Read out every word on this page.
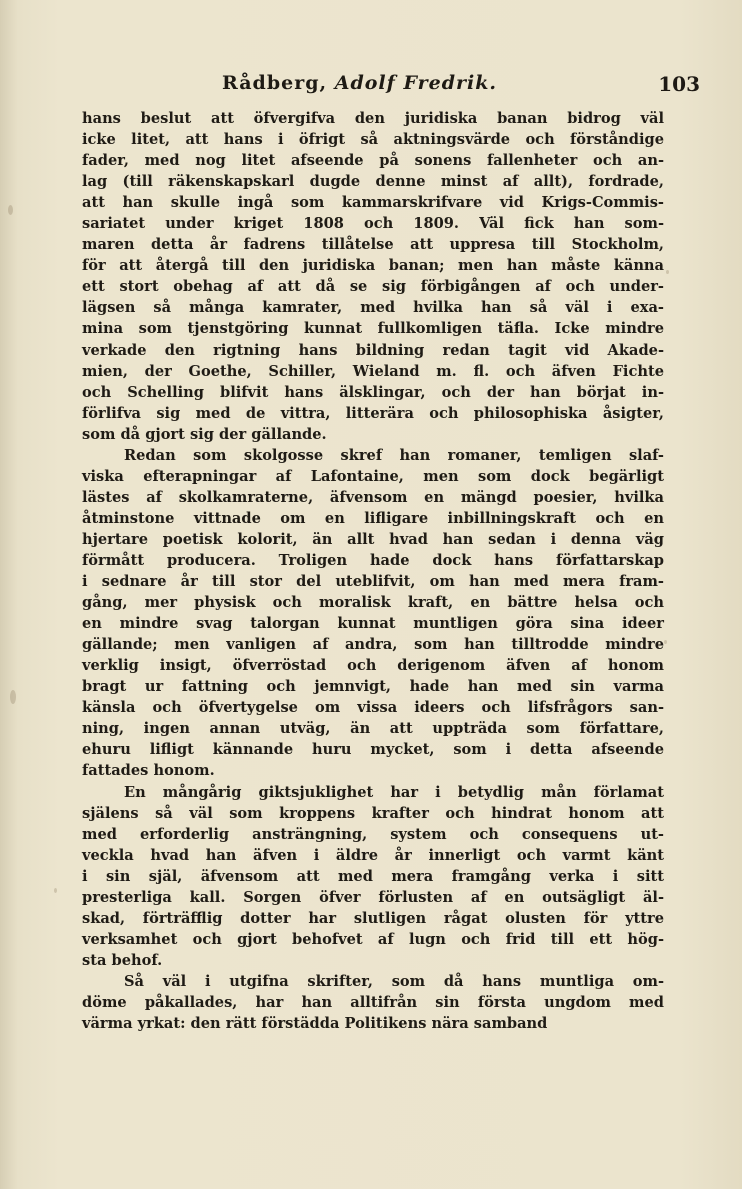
Rådberg, Adolf Fredrik.	103
hans beslut att öfvergifva den juridiska banan bidrog väl
icke litet, att hans i öfrigt så aktningsvärde och förståndige
fader, med nog litet afseende på sonens fallenheter och an-
lag (till räkenskapskarl dugde denne minst af allt), fordrade,
att han skulle ingå som kammarskrifvare vid Krigs-Commis-
sariatet under kriget 1808 och 1809. Väl fick han som-
maren detta år fadrens tillåtelse att uppresa till Stockholm,
för att återgå till den juridiska banan; men han måste känna
ett stort obehag af att då se sig förbigången af och under-
lägsen så många kamrater, med hvilka han så väl i exa-
mina som tjenstgöring kunnat fullkomligen täfla. Icke mindre
verkade den rigtning hans bildning redan tagit vid Akade-
mien, der Goethe, Schiller, Wieland m. fl. och äfven Fichte
och Schelling blifvit hans älsklingar, och der han börjat in-
förlifva sig med de vittra, litterära och philosophiska åsigter,
som då gjort sig der gällande.
Redan som skolgosse skref han romaner, temligen slaf-
viska efterapningar af Lafontaine, men som dock begärligt
lästes af skolkamraterne, äfvensom en mängd poesier, hvilka
åtminstone vittnade om en lifligare inbillningskraft och en
hjertare poetisk kolorit, än allt hvad han sedan i denna väg
förmått producera. Troligen hade dock hans författarskap
i sednare år till stor del uteblifvit, om han med mera fram-
gång, mer physisk och moralisk kraft, en bättre helsa och
en mindre svag talorgan kunnat muntligen göra sina ideer
gällande; men vanligen af andra, som han tilltrodde mindre
verklig insigt, öfverröstad och derigenom äfven af honom
bragt ur fattning och jemnvigt, hade han med sin varma
känsla och öfvertygelse om vissa ideers och lifsfrågors san-
ning, ingen annan utväg, än att uppträda som författare,
ehuru lifligt kännande huru mycket, som i detta afseende
fattades honom.
En mångårig giktsjuklighet har i betydlig mån förlamat
själens så väl som kroppens krafter och hindrat honom att
med erforderlig ansträngning, system och consequens ut-
veckla hvad han äfven i äldre år innerligt och varmt känt
i sin själ, äfvensom att med mera framgång verka i sitt
presterliga kall. Sorgen öfver förlusten af en outsägligt äl-
skad, förträfflig dotter har slutligen rågat olusten för yttre
verksamhet och gjort behofvet af lugn och frid till ett hög-
sta behof.
Så väl i utgifna skrifter, som då hans muntliga om-
döme påkallades, har han alltifrån sin första ungdom med
värma yrkat: den rätt förstädda Politikens nära samband
